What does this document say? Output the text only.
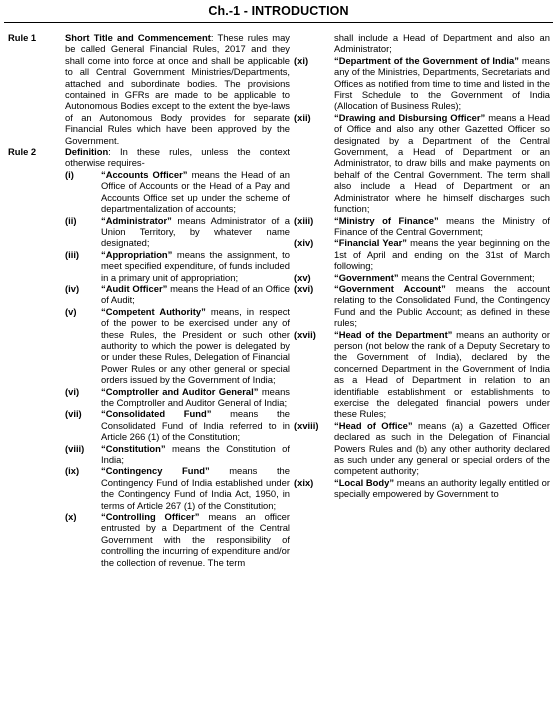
Ch.-1 - INTRODUCTION
Rule 1	Short Title and Commencement: These rules may be called General Financial Rules, 2017 and they shall come into force at once and shall be applicable to all Central Government Ministries/Departments, attached and subordinate bodies. The provisions contained in GFRs are made to be applicable to Autonomous Bodies except to the extent the bye-laws of an Autonomous Body provides for separate Financial Rules which have been approved by the Government.
Rule 2	Definition: In these rules, unless the context otherwise requires-
(i)	“Accounts Officer” means the Head of an Office of Accounts or the Head of a Pay and Accounts Office set up under the scheme of departmentalization of accounts;
(ii)	“Administrator” means Administrator of a Union Territory, by whatever name designated;
(iii)	“Appropriation” means the assignment, to meet specified expenditure, of funds included in a primary unit of appropriation;
(iv)	“Audit Officer” means the Head of an Office of Audit;
(v)	“Competent Authority” means, in respect of the power to be exercised under any of these Rules, the President or such other authority to which the power is delegated by or under these Rules, Delegation of Financial Power Rules or any other general or special orders issued by the Government of India;
(vi)	“Comptroller and Auditor General” means the Comptroller and Auditor General of India;
(vii)	“Consolidated Fund” means the Consolidated Fund of India referred to in Article 266 (1) of the Constitution;
(viii)	“Constitution” means the Constitution of India;
(ix)	“Contingency Fund” means the Contingency Fund of India established under the Contingency Fund of India Act, 1950, in terms of Article 267 (1) of the Constitution;
(x)	“Controlling Officer” means an officer entrusted by a Department of the Central Government with the responsibility of controlling the incurring of expenditure and/or the collection of revenue. The term
shall include a Head of Department and also an Administrator;
(xi)	“Department of the Government of India” means any of the Ministries, Departments, Secretariats and Offices as notified from time to time and listed in the First Schedule to the Government of India (Allocation of Business Rules);
(xii)	“Drawing and Disbursing Officer” means a Head of Office and also any other Gazetted Officer so designated by a Department of the Central Government, a Head of Department or an Administrator, to draw bills and make payments on behalf of the Central Government. The term shall also include a Head of Department or an Administrator where he himself discharges such function;
(xiii)	“Ministry of Finance” means the Ministry of Finance of the Central Government;
(xiv)	“Financial Year” means the year beginning on the 1st of April and ending on the 31st of March following;
(xv)	“Government” means the Central Government;
(xvi)	“Government Account” means the account relating to the Consolidated Fund, the Contingency Fund and the Public Account; as defined in these rules;
(xvii)	“Head of the Department” means an authority or person (not below the rank of a Deputy Secretary to the Government of India), declared by the concerned Department in the Government of India as a Head of Department in relation to an identifiable establishment or establishments to exercise the delegated financial powers under these Rules;
(xviii)	“Head of Office” means (a) a Gazetted Officer declared as such in the Delegation of Financial Powers Rules and (b) any other authority declared as such under any general or special orders of the competent authority;
(xix)	“Local Body” means an authority legally entitled or specially empowered by Government to
